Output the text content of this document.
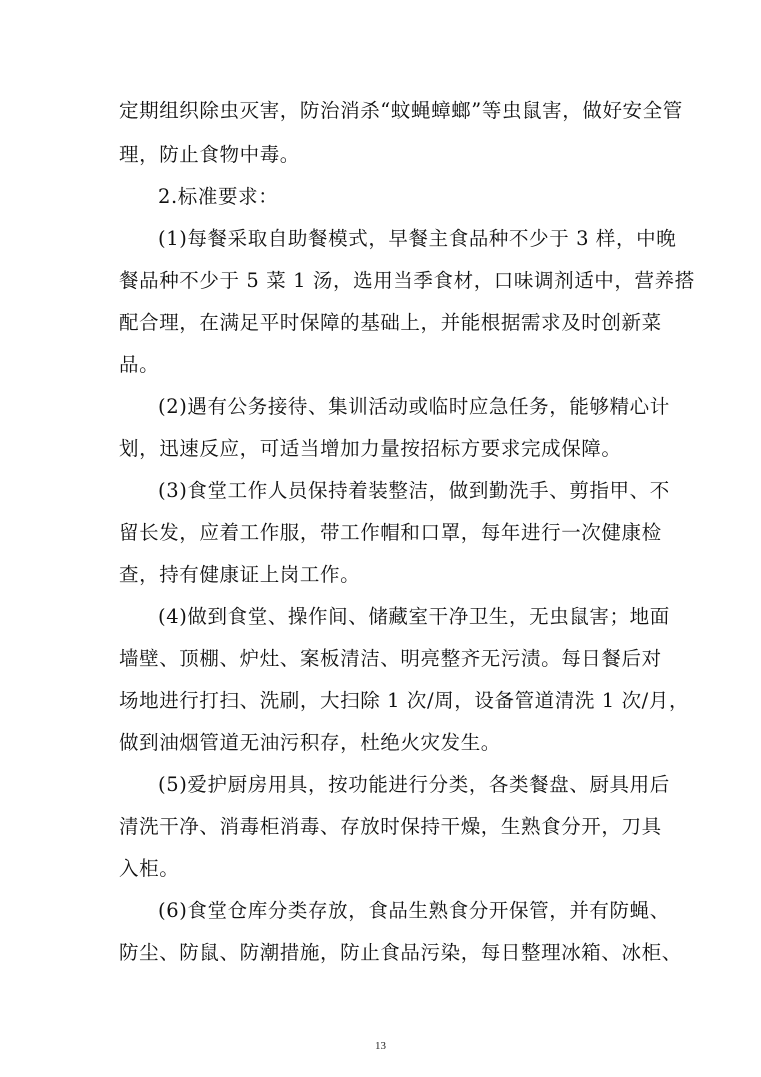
定期组织除虫灭害，防治消杀“蚊蝇蟑螂”等虫鼠害，做好安全管
理，防止食物中毒。
2.标准要求：
(1)每餐采取自助餐模式，早餐主食品种不少于 3 样，中晚
餐品种不少于 5 菜 1 汤，选用当季食材，口味调剂适中，营养搭
配合理，在满足平时保障的基础上，并能根据需求及时创新菜
品。
(2)遇有公务接待、集训活动或临时应急任务，能够精心计
划，迅速反应，可适当增加力量按招标方要求完成保障。
(3)食堂工作人员保持着装整洁，做到勤洗手、剪指甲、不
留长发，应着工作服，带工作帽和口罩，每年进行一次健康检
查，持有健康证上岗工作。
(4)做到食堂、操作间、储藏室干净卫生，无虫鼠害；地面
墙壁、顶棚、炉灶、案板清洁、明亮整齐无污渍。每日餐后对
场地进行打扫、洗刷，大扫除 1 次/周，设备管道清洗 1 次/月，
做到油烟管道无油污积存，杜绝火灾发生。
(5)爱护厨房用具，按功能进行分类，各类餐盘、厨具用后
清洗干净、消毒柜消毒、存放时保持干燥，生熟食分开，刀具
入柜。
(6)食堂仓库分类存放，食品生熟食分开保管，并有防蝇、
防尘、防鼠、防潮措施，防止食品污染，每日整理冰箱、冰柜、
13
